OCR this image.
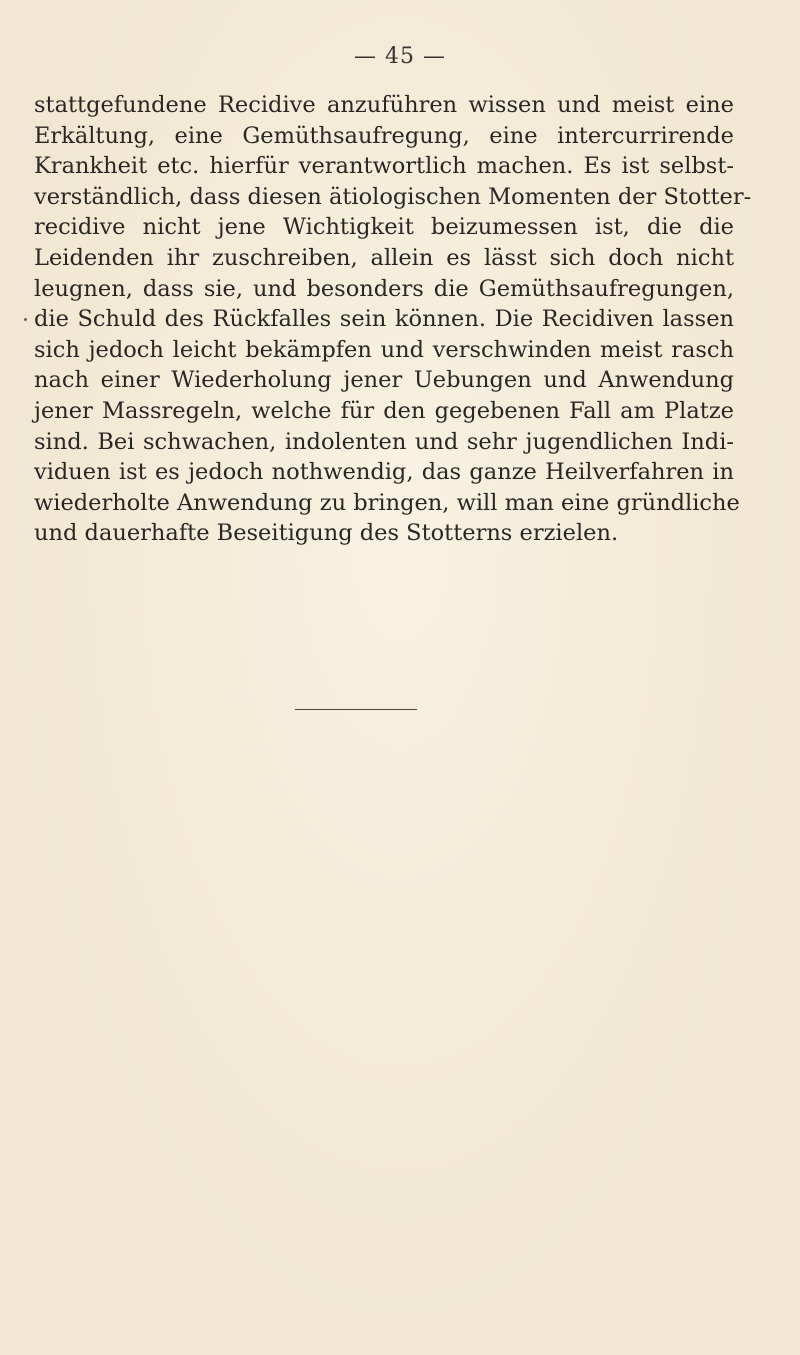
— 45 —
stattgefundene Recidive anzuführen wissen und meist eine
Erkältung, eine Gemüthsaufregung, eine intercurrirende
Krankheit etc. hierfür verantwortlich machen. Es ist selbst-
verständlich, dass diesen ätiologischen Momenten der Stotter-
recidive nicht jene Wichtigkeit beizumessen ist, die die
Leidenden ihr zuschreiben, allein es lässt sich doch nicht
leugnen, dass sie, und besonders die Gemüthsaufregungen,
die Schuld des Rückfalles sein können. Die Recidiven lassen
sich jedoch leicht bekämpfen und verschwinden meist rasch
nach einer Wiederholung jener Uebungen und Anwendung
jener Massregeln, welche für den gegebenen Fall am Platze
sind. Bei schwachen, indolenten und sehr jugendlichen Indi-
viduen ist es jedoch nothwendig, das ganze Heilverfahren in
wiederholte Anwendung zu bringen, will man eine gründliche
und dauerhafte Beseitigung des Stotterns erzielen.
